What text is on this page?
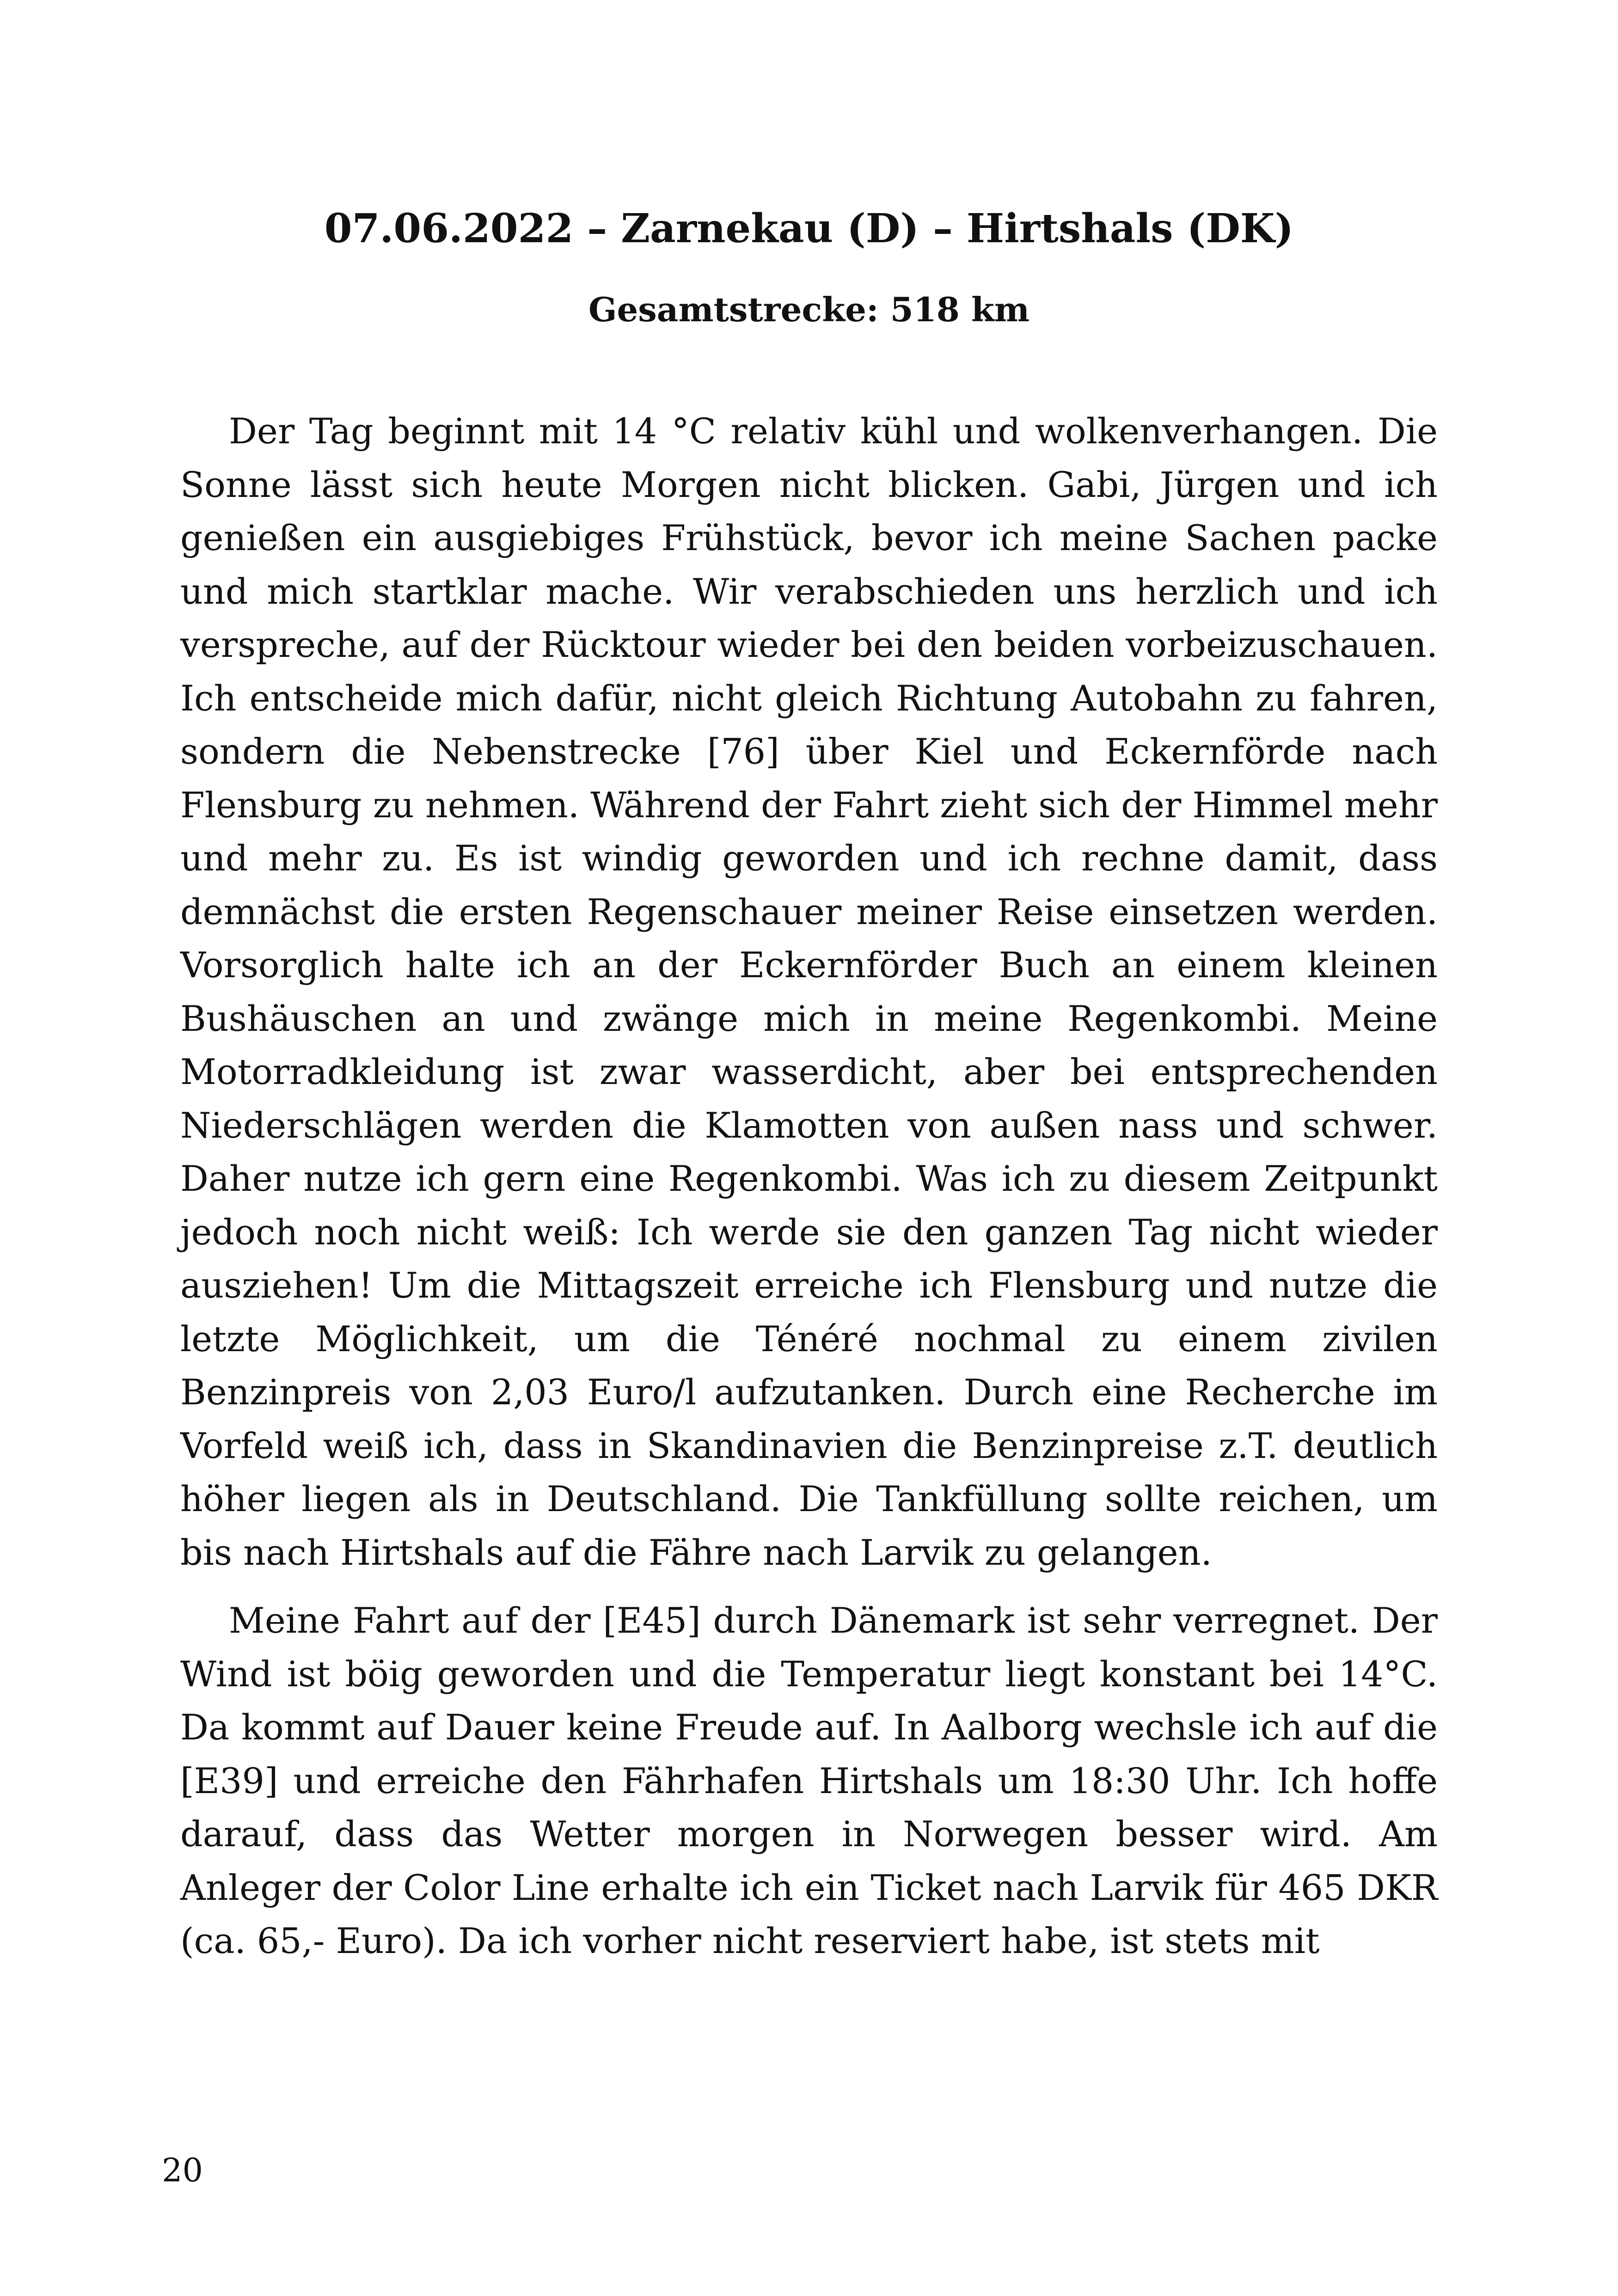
07.06.2022 – Zarnekau (D) – Hirtshals (DK)
Gesamtstrecke: 518 km

Der Tag beginnt mit 14 °C relativ kühl und wolkenverhangen. Die Sonne lässt sich heute Morgen nicht blicken. Gabi, Jürgen und ich genießen ein ausgiebiges Frühstück, bevor ich meine Sachen packe und mich startklar mache. Wir verabschieden uns herzlich und ich verspreche, auf der Rücktour wieder bei den beiden vorbeizuschauen. Ich entscheide mich dafür, nicht gleich Richtung Autobahn zu fahren, sondern die Nebenstrecke [76] über Kiel und Eckernförde nach Flensburg zu nehmen. Während der Fahrt zieht sich der Himmel mehr und mehr zu. Es ist windig geworden und ich rechne damit, dass demnächst die ersten Regenschauer meiner Reise einsetzen werden. Vorsorglich halte ich an der Eckernförder Buch an einem kleinen Bushäuschen an und zwänge mich in meine Regenkombi. Meine Motorradkleidung ist zwar wasserdicht, aber bei entsprechenden Niederschlägen werden die Klamotten von außen nass und schwer. Daher nutze ich gern eine Regenkombi. Was ich zu diesem Zeitpunkt jedoch noch nicht weiß: Ich werde sie den ganzen Tag nicht wieder ausziehen! Um die Mittagszeit erreiche ich Flensburg und nutze die letzte Möglichkeit, um die Ténéré nochmal zu einem zivilen Benzinpreis von 2,03 Euro/l aufzutanken. Durch eine Recherche im Vorfeld weiß ich, dass in Skandinavien die Benzinpreise z.T. deutlich höher liegen als in Deutschland. Die Tankfüllung sollte reichen, um bis nach Hirtshals auf die Fähre nach Larvik zu gelangen.

Meine Fahrt auf der [E45] durch Dänemark ist sehr verregnet. Der Wind ist böig geworden und die Temperatur liegt konstant bei 14°C. Da kommt auf Dauer keine Freude auf. In Aalborg wechsle ich auf die [E39] und erreiche den Fährhafen Hirtshals um 18:30 Uhr. Ich hoffe darauf, dass das Wetter morgen in Norwegen besser wird. Am Anleger der Color Line erhalte ich ein Ticket nach Larvik für 465 DKR (ca. 65,- Euro). Da ich vorher nicht reserviert habe, ist stets mit

20
